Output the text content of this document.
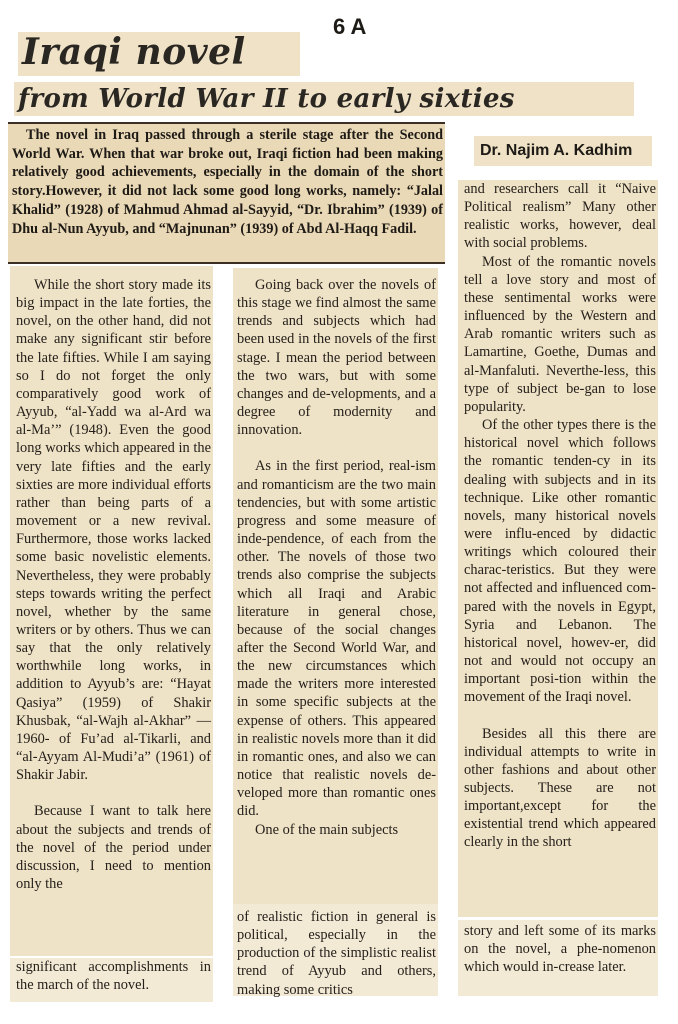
6 A
Iraqi novel
from World War II to early sixties
Dr. Najim A. Kadhim

The novel in Iraq passed through a sterile stage after the Second World War. When that war broke out, Iraqi fiction had been making relatively good achievements, especially in the domain of the short story.However, it did not lack some good long works, namely: “Jalal Khalid” (1928) of Mahmud Ahmad al-Sayyid, “Dr. Ibrahim” (1939) of Dhu al-Nun Ayyub, and “Majnunan” (1939) of Abd Al-Haqq Fadil.

While the short story made its big impact in the late forties, the novel, on the other hand, did not make any significant stir before the late fifties. While I am saying so I do not forget the only comparatively good work of Ayyub, “al-Yadd wa al-Ard wa al-Ma’” (1948). Even the good long works which appeared in the very late fifties and the early sixties are more individual efforts rather than being parts of a movement or a new revival. Furthermore, those works lacked some basic novelistic elements. Nevertheless, they were probably steps towards writing the perfect novel, whether by the same writers or by others. Thus we can say that the only relatively worthwhile long works, in addition to Ayyub’s are: “Hayat Qasiya” (1959) of Shakir Khusbak, “al-Wajh al-Akhar” — 1960- of Fu’ad al-Tikarli, and “al-Ayyam Al-Mudi’a” (1961) of Shakir Jabir.

Because I want to talk here about the subjects and trends of the novel of the period under discussion, I need to mention only the

significant accomplishments in the march of the novel.

Going back over the novels of this stage we find almost the same trends and subjects which had been used in the novels of the first stage. I mean the period between the two wars, but with some changes and de-velopments, and a degree of modernity and innovation.

As in the first period, real-ism and romanticism are the two main tendencies, but with some artistic progress and some measure of inde-pendence, of each from the other. The novels of those two trends also comprise the subjects which all Iraqi and Arabic literature in general chose, because of the social changes after the Second World War, and the new circumstances which made the writers more interested in some specific subjects at the expense of others. This appeared in realistic novels more than it did in romantic ones, and also we can notice that realistic novels de-veloped more than romantic ones did.

One of the main subjects

of realistic fiction in general is political, especially in the production of the simplistic realist trend of Ayyub and others, making some critics
and researchers call it “Naive Political realism” Many other realistic works, however, deal with social problems.

Most of the romantic novels tell a love story and most of these sentimental works were influenced by the Western and Arab romantic writers such as Lamartine, Goethe, Dumas and al-Manfaluti. Neverthe-less, this type of subject be-gan to lose popularity.

Of the other types there is the historical novel which follows the romantic tenden-cy in its dealing with subjects and in its technique. Like other romantic novels, many historical novels were influ-enced by didactic writings which coloured their charac-teristics. But they were not affected and influenced com-pared with the novels in Egypt, Syria and Lebanon. The historical novel, howev-er, did not and would not occupy an important posi-tion within the movement of the Iraqi novel.

Besides all this there are individual attempts to write in other fashions and about other subjects. These are not important,except for the existential trend which appeared clearly in the short

story and left some of its marks on the novel, a phe-nomenon which would in-crease later.
